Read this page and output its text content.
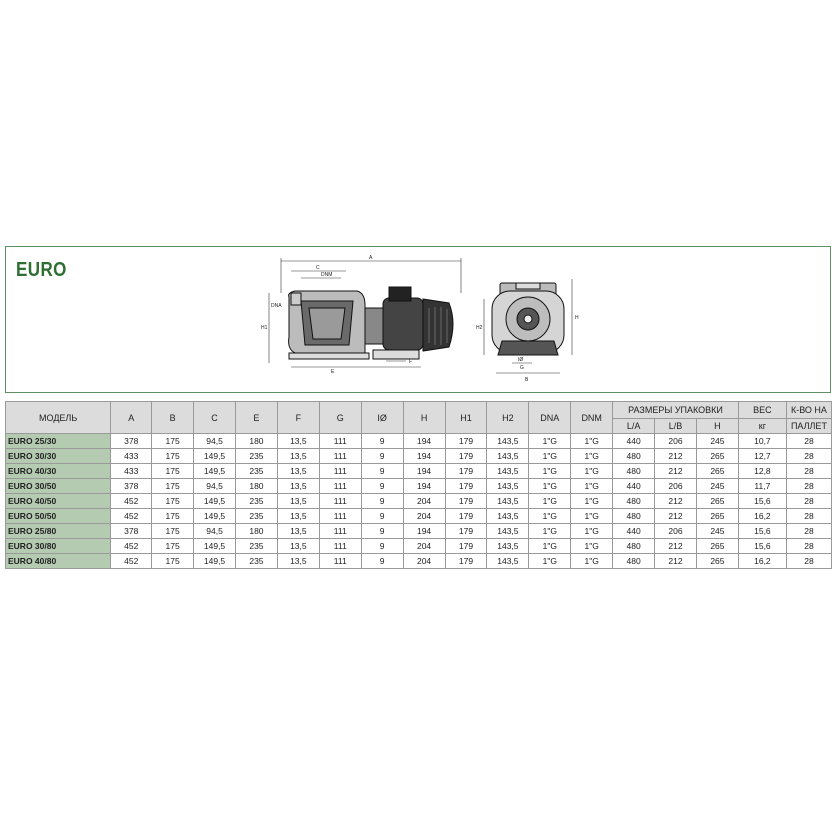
EURO
A
C
DNM
DNA
H1
E
F
H
H2
IØ
B
G
МОДЕЛЬ	A	B	C	E	F	G	IØ	H	H1	H2	DNA	DNM	РАЗМЕРЫ УПАКОВКИ			ВЕС	К-ВО НА
													L/A	L/B	H	кг	ПАЛЛЕТ
EURO 25/30	378	175	94,5	180	13,5	111	9	194	179	143,5	1"G	1"G	440	206	245	10,7	28
EURO 30/30	433	175	149,5	235	13,5	111	9	194	179	143,5	1"G	1"G	480	212	265	12,7	28
EURO 40/30	433	175	149,5	235	13,5	111	9	194	179	143,5	1"G	1"G	480	212	265	12,8	28
EURO 30/50	378	175	94,5	180	13,5	111	9	194	179	143,5	1"G	1"G	440	206	245	11,7	28
EURO 40/50	452	175	149,5	235	13,5	111	9	204	179	143,5	1"G	1"G	480	212	265	15,6	28
EURO 50/50	452	175	149,5	235	13,5	111	9	204	179	143,5	1"G	1"G	480	212	265	16,2	28
EURO 25/80	378	175	94,5	180	13,5	111	9	194	179	143,5	1"G	1"G	440	206	245	15,6	28
EURO 30/80	452	175	149,5	235	13,5	111	9	204	179	143,5	1"G	1"G	480	212	265	15,6	28
EURO 40/80	452	175	149,5	235	13,5	111	9	204	179	143,5	1"G	1"G	480	212	265	16,2	28
